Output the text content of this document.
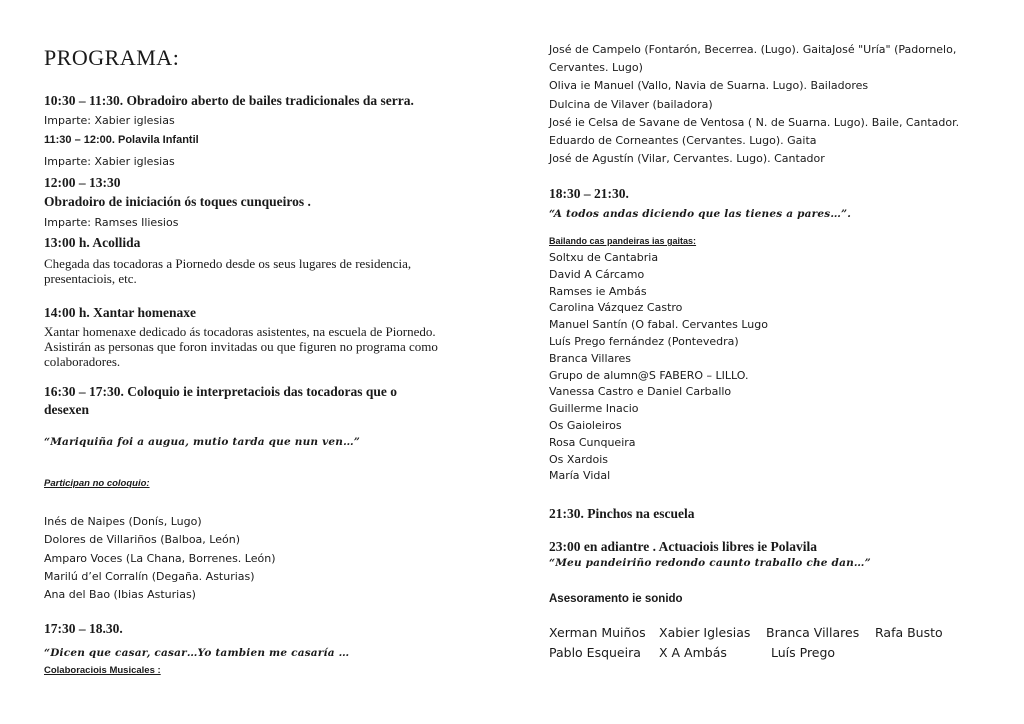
PROGRAMA:
10:30 – 11:30. Obradoiro aberto de bailes tradicionales da serra.
Imparte: Xabier iglesias
11:30 – 12:00. Polavila Infantil
Imparte: Xabier iglesias
12:00 – 13:30
Obradoiro de iniciación ós toques cunqueiros .
Imparte: Ramses Iliesios
13:00 h. Acollida
Chegada das tocadoras a Piornedo desde os seus lugares de residencia, presentaciois, etc.
14:00 h. Xantar homenaxe
Xantar homenaxe dedicado ás tocadoras asistentes, na escuela de Piornedo. Asistirán as personas que foron invitadas ou que figuren no programa como colaboradores.
16:30 – 17:30. Coloquio ie interpretaciois das tocadoras que o desexen
“Mariquiña foi a augua, mutio tarda que nun ven…”
Participan no coloquio:
Inés de Naipes (Donís, Lugo)
Dolores de Villariños (Balboa, León)
Amparo Voces (La Chana, Borrenes. León)
Marilú d’el Corralín (Degaña. Asturias)
Ana del Bao (Ibias Asturias)
17:30 – 18.30.
“Dicen que casar, casar…Yo tambien me casaría …
Colaboraciois Musicales :
José de Campelo (Fontarón, Becerrea. (Lugo). GaitaJosé "Uría" (Padornelo,
Cervantes. Lugo)
Oliva ie Manuel (Vallo, Navia de Suarna. Lugo). Bailadores
Dulcina de Vilaver (bailadora)
José ie Celsa de Savane de Ventosa ( N. de Suarna. Lugo). Baile, Cantador.
Eduardo de Corneantes (Cervantes. Lugo). Gaita
José de Agustín (Vilar, Cervantes. Lugo). Cantador
18:30 – 21:30.
“A todos andas diciendo que las tienes a pares…”.
Bailando cas pandeiras ias gaitas:
Soltxu de Cantabria
David A Cárcamo
Ramses ie Ambás
Carolina Vázquez Castro
Manuel Santín (O fabal. Cervantes Lugo
Luís Prego fernández (Pontevedra)
Branca Villares
Grupo de alumn@S FABERO – LILLO.
Vanessa Castro e Daniel Carballo
Guillerme Inacio
Os Gaioleiros
Rosa Cunqueira
Os Xardois
María Vidal
21:30. Pinchos na escuela
23:00 en adiantre . Actuaciois libres ie Polavila
“Meu pandeiriño redondo caunto traballo che dan…”
Asesoramento ie sonido
Xerman Muiños Xabier Iglesias Branca Villares Rafa Busto
Pablo Esqueira X A Ambás	Luís Prego
